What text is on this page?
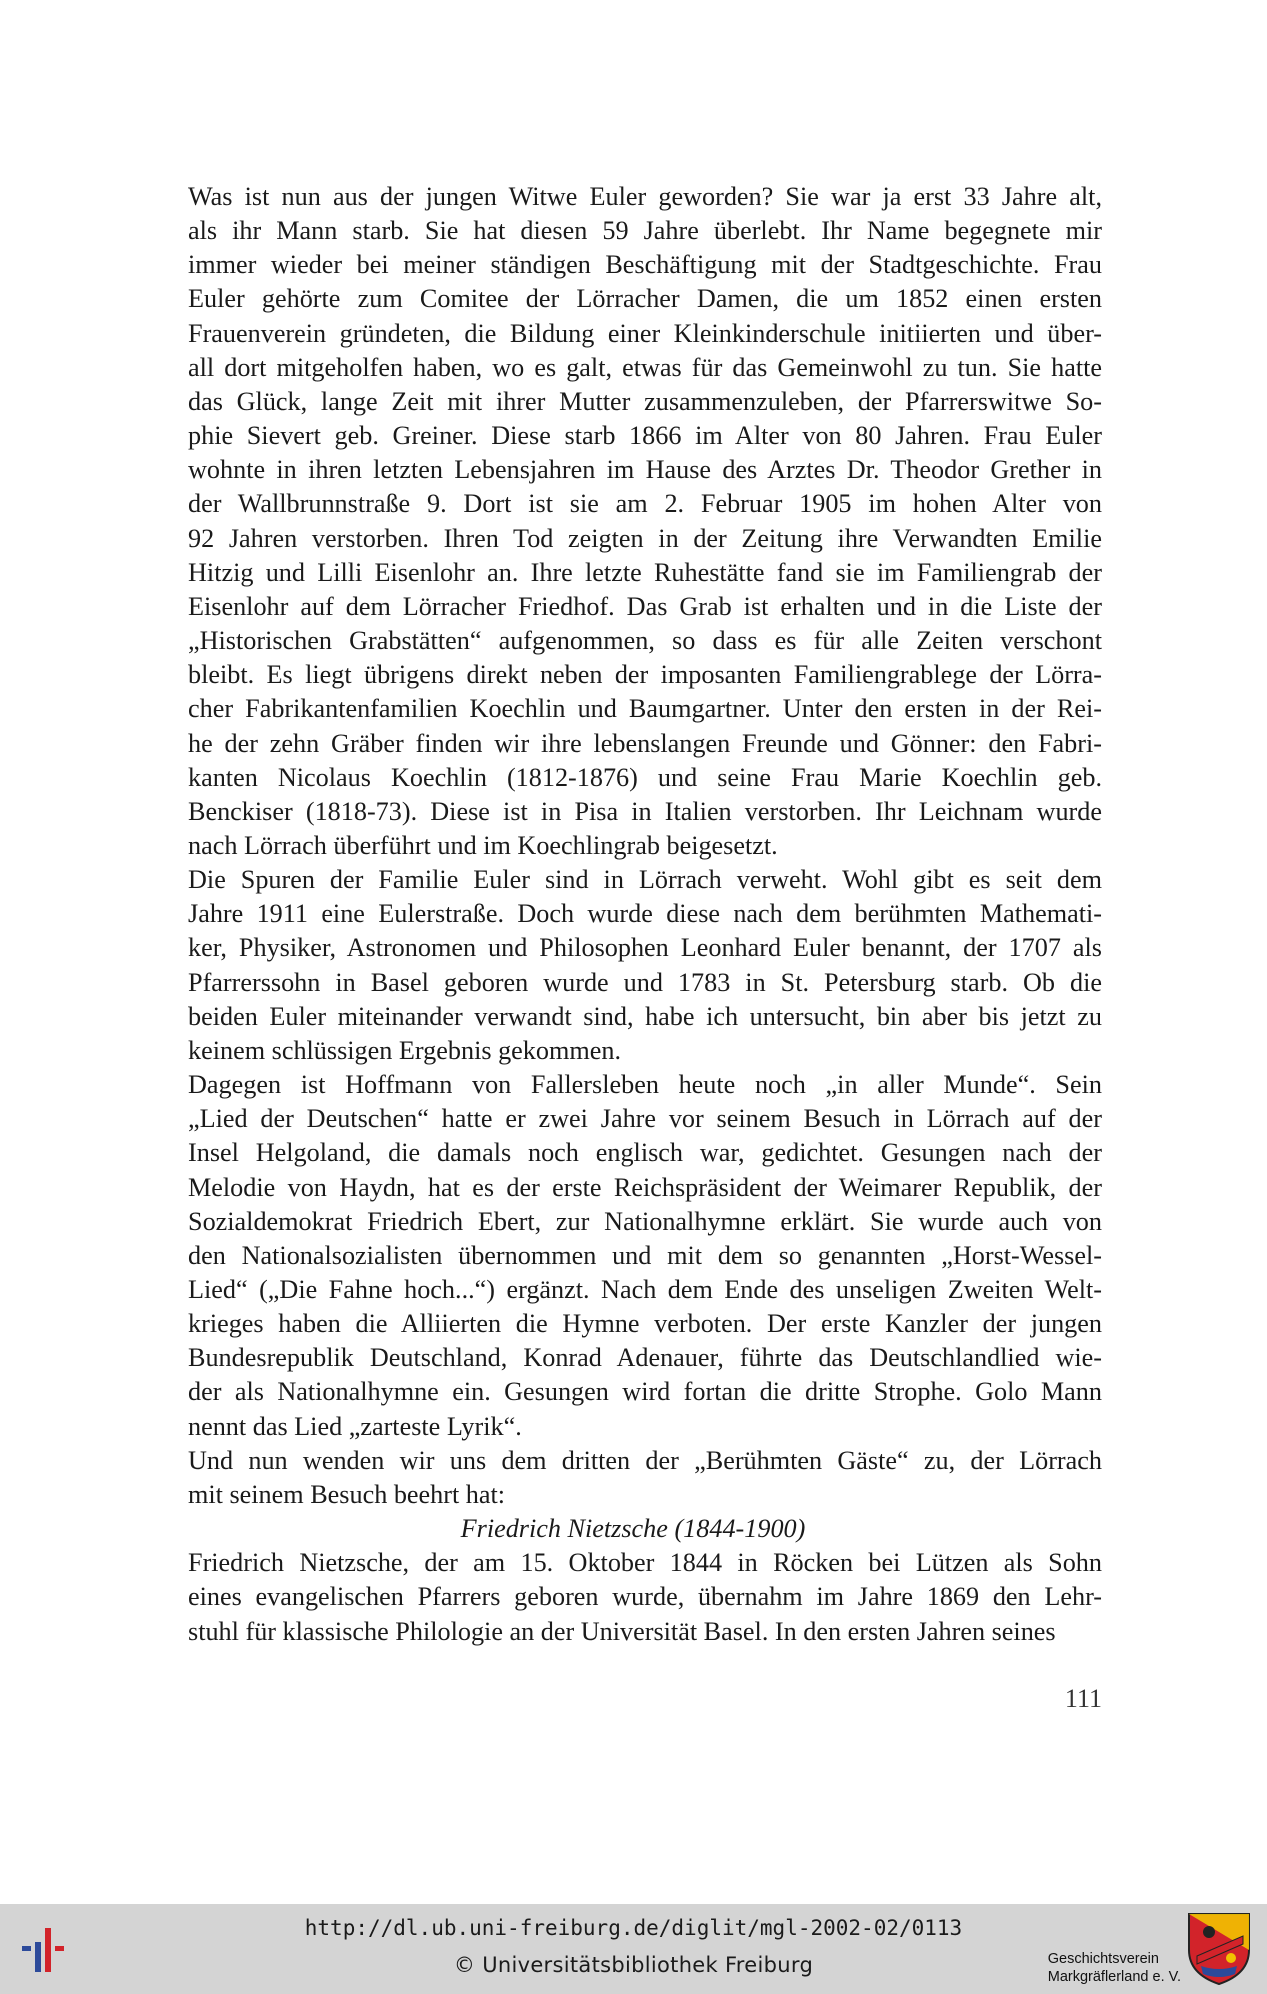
Was ist nun aus der jungen Witwe Euler geworden? Sie war ja erst 33 Jahre alt,
als ihr Mann starb. Sie hat diesen 59 Jahre überlebt. Ihr Name begegnete mir
immer wieder bei meiner ständigen Beschäftigung mit der Stadtgeschichte. Frau
Euler gehörte zum Comitee der Lörracher Damen, die um 1852 einen ersten
Frauenverein gründeten, die Bildung einer Kleinkinderschule initiierten und über-
all dort mitgeholfen haben, wo es galt, etwas für das Gemeinwohl zu tun. Sie hatte
das Glück, lange Zeit mit ihrer Mutter zusammenzuleben, der Pfarrerswitwe So-
phie Sievert geb. Greiner. Diese starb 1866 im Alter von 80 Jahren. Frau Euler
wohnte in ihren letzten Lebensjahren im Hause des Arztes Dr. Theodor Grether in
der Wallbrunnstraße 9. Dort ist sie am 2. Februar 1905 im hohen Alter von
92 Jahren verstorben. Ihren Tod zeigten in der Zeitung ihre Verwandten Emilie
Hitzig und Lilli Eisenlohr an. Ihre letzte Ruhestätte fand sie im Familiengrab der
Eisenlohr auf dem Lörracher Friedhof. Das Grab ist erhalten und in die Liste der
„Historischen Grabstätten“ aufgenommen, so dass es für alle Zeiten verschont
bleibt. Es liegt übrigens direkt neben der imposanten Familiengrablege der Lörra-
cher Fabrikantenfamilien Koechlin und Baumgartner. Unter den ersten in der Rei-
he der zehn Gräber finden wir ihre lebenslangen Freunde und Gönner: den Fabri-
kanten Nicolaus Koechlin (1812-1876) und seine Frau Marie Koechlin geb.
Benckiser (1818-73). Diese ist in Pisa in Italien verstorben. Ihr Leichnam wurde
nach Lörrach überführt und im Koechlingrab beigesetzt.

Die Spuren der Familie Euler sind in Lörrach verweht. Wohl gibt es seit dem
Jahre 1911 eine Eulerstraße. Doch wurde diese nach dem berühmten Mathemati-
ker, Physiker, Astronomen und Philosophen Leonhard Euler benannt, der 1707 als
Pfarrerssohn in Basel geboren wurde und 1783 in St. Petersburg starb. Ob die
beiden Euler miteinander verwandt sind, habe ich untersucht, bin aber bis jetzt zu
keinem schlüssigen Ergebnis gekommen.

Dagegen ist Hoffmann von Fallersleben heute noch „in aller Munde“. Sein
„Lied der Deutschen“ hatte er zwei Jahre vor seinem Besuch in Lörrach auf der
Insel Helgoland, die damals noch englisch war, gedichtet. Gesungen nach der
Melodie von Haydn, hat es der erste Reichspräsident der Weimarer Republik, der
Sozialdemokrat Friedrich Ebert, zur Nationalhymne erklärt. Sie wurde auch von
den Nationalsozialisten übernommen und mit dem so genannten „Horst-Wessel-
Lied“ („Die Fahne hoch...“) ergänzt. Nach dem Ende des unseligen Zweiten Welt-
krieges haben die Alliierten die Hymne verboten. Der erste Kanzler der jungen
Bundesrepublik Deutschland, Konrad Adenauer, führte das Deutschlandlied wie-
der als Nationalhymne ein. Gesungen wird fortan die dritte Strophe. Golo Mann
nennt das Lied „zarteste Lyrik“.

Und nun wenden wir uns dem dritten der „Berühmten Gäste“ zu, der Lörrach
mit seinem Besuch beehrt hat:

Friedrich Nietzsche (1844-1900)

Friedrich Nietzsche, der am 15. Oktober 1844 in Röcken bei Lützen als Sohn
eines evangelischen Pfarrers geboren wurde, übernahm im Jahre 1869 den Lehr-
stuhl für klassische Philologie an der Universität Basel. In den ersten Jahren seines

111
http://dl.ub.uni-freiburg.de/diglit/mgl-2002-02/0113
© Universitätsbibliothek Freiburg	Geschichtsverein
Markgräflerland e. V.
